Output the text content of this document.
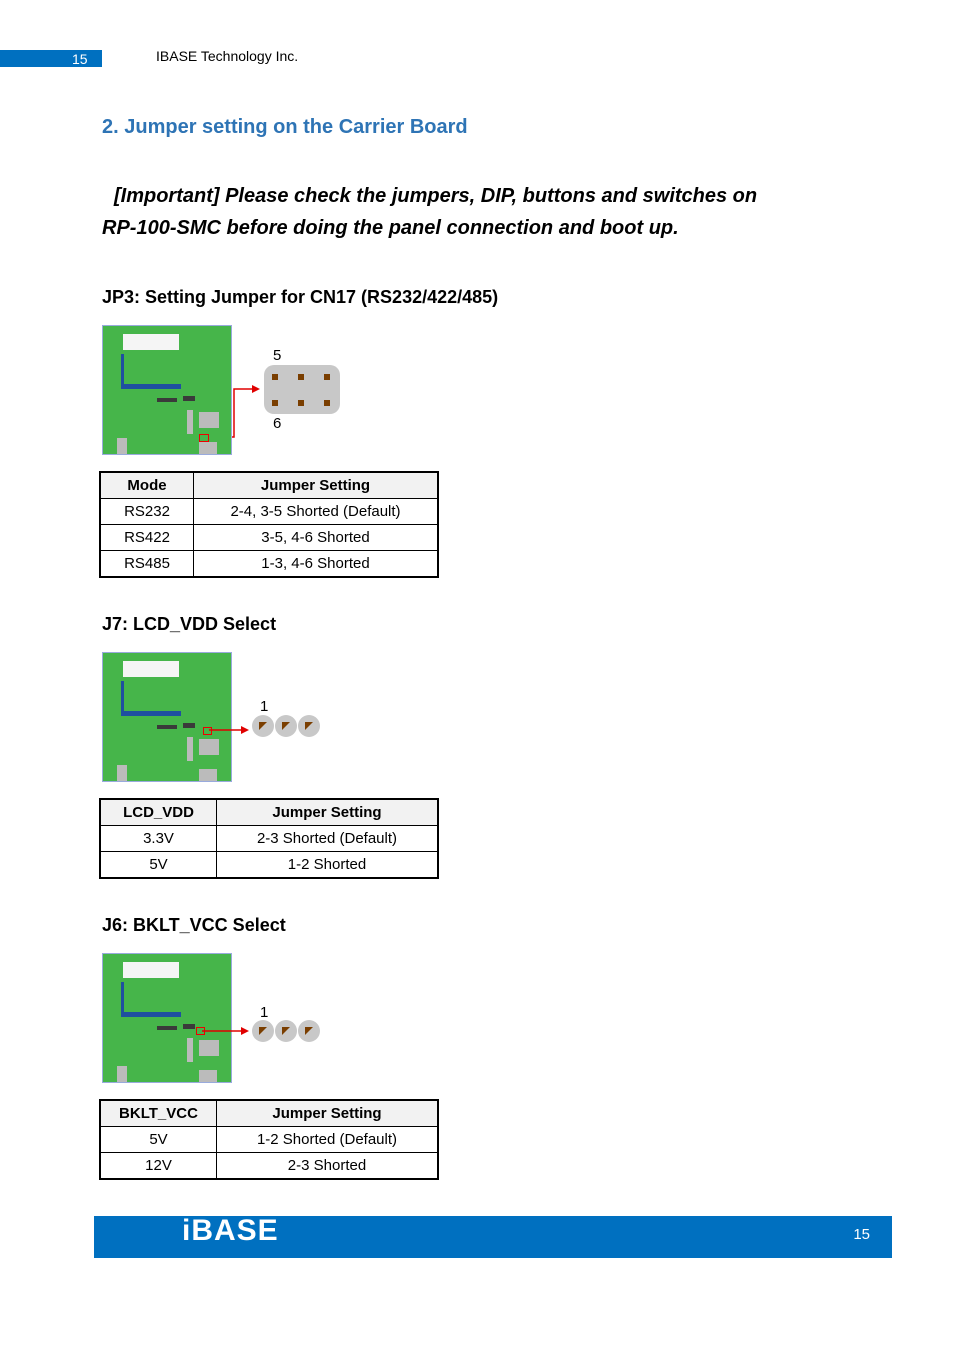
15	IBASE Technology Inc.
2. Jumper setting on the Carrier Board
[Important] Please check the jumpers, DIP, buttons and switches on
RP-100-SMC before doing the panel connection and boot up.
JP3: Setting Jumper for CN17 (RS232/422/485)
5
6
Mode	Jumper Setting
RS232	2-4, 3-5 Shorted (Default)
RS422	3-5, 4-6 Shorted
RS485	1-3, 4-6 Shorted
J7: LCD_VDD Select
1
LCD_VDD	Jumper Setting
3.3V	2-3 Shorted (Default)
5V	1-2 Shorted
J6: BKLT_VCC Select
1
BKLT_VCC	Jumper Setting
5V	1-2 Shorted (Default)
12V	2-3 Shorted
iBASE	15
